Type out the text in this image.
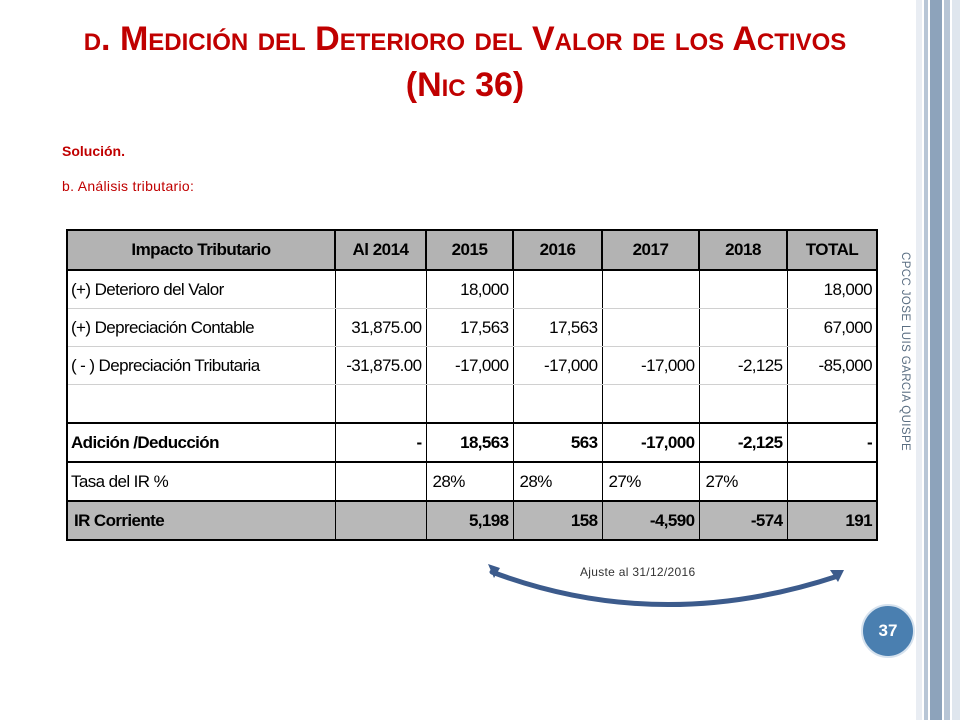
d. Medición del Deterioro del Valor de los Activos
(Nic 36)

Solución.

b. Análisis tributario:

Impacto Tributario	Al 2014	2015	2016	2017	2018	TOTAL
(+) Deterioro del Valor		18,000				18,000
(+) Depreciación Contable	31,875.00	17,563	17,563			67,000
( - ) Depreciación Tributaria	-31,875.00	-17,000	-17,000	-17,000	-2,125	-85,000

Adición /Deducción	-	18,563	563	-17,000	-2,125	-
Tasa del IR %		28%	28%	27%	27%	
IR Corriente		5,198	158	-4,590	-574	191
CPCC JOSE LUIS GARCIA QUISPE
Ajuste al 31/12/2016
37
